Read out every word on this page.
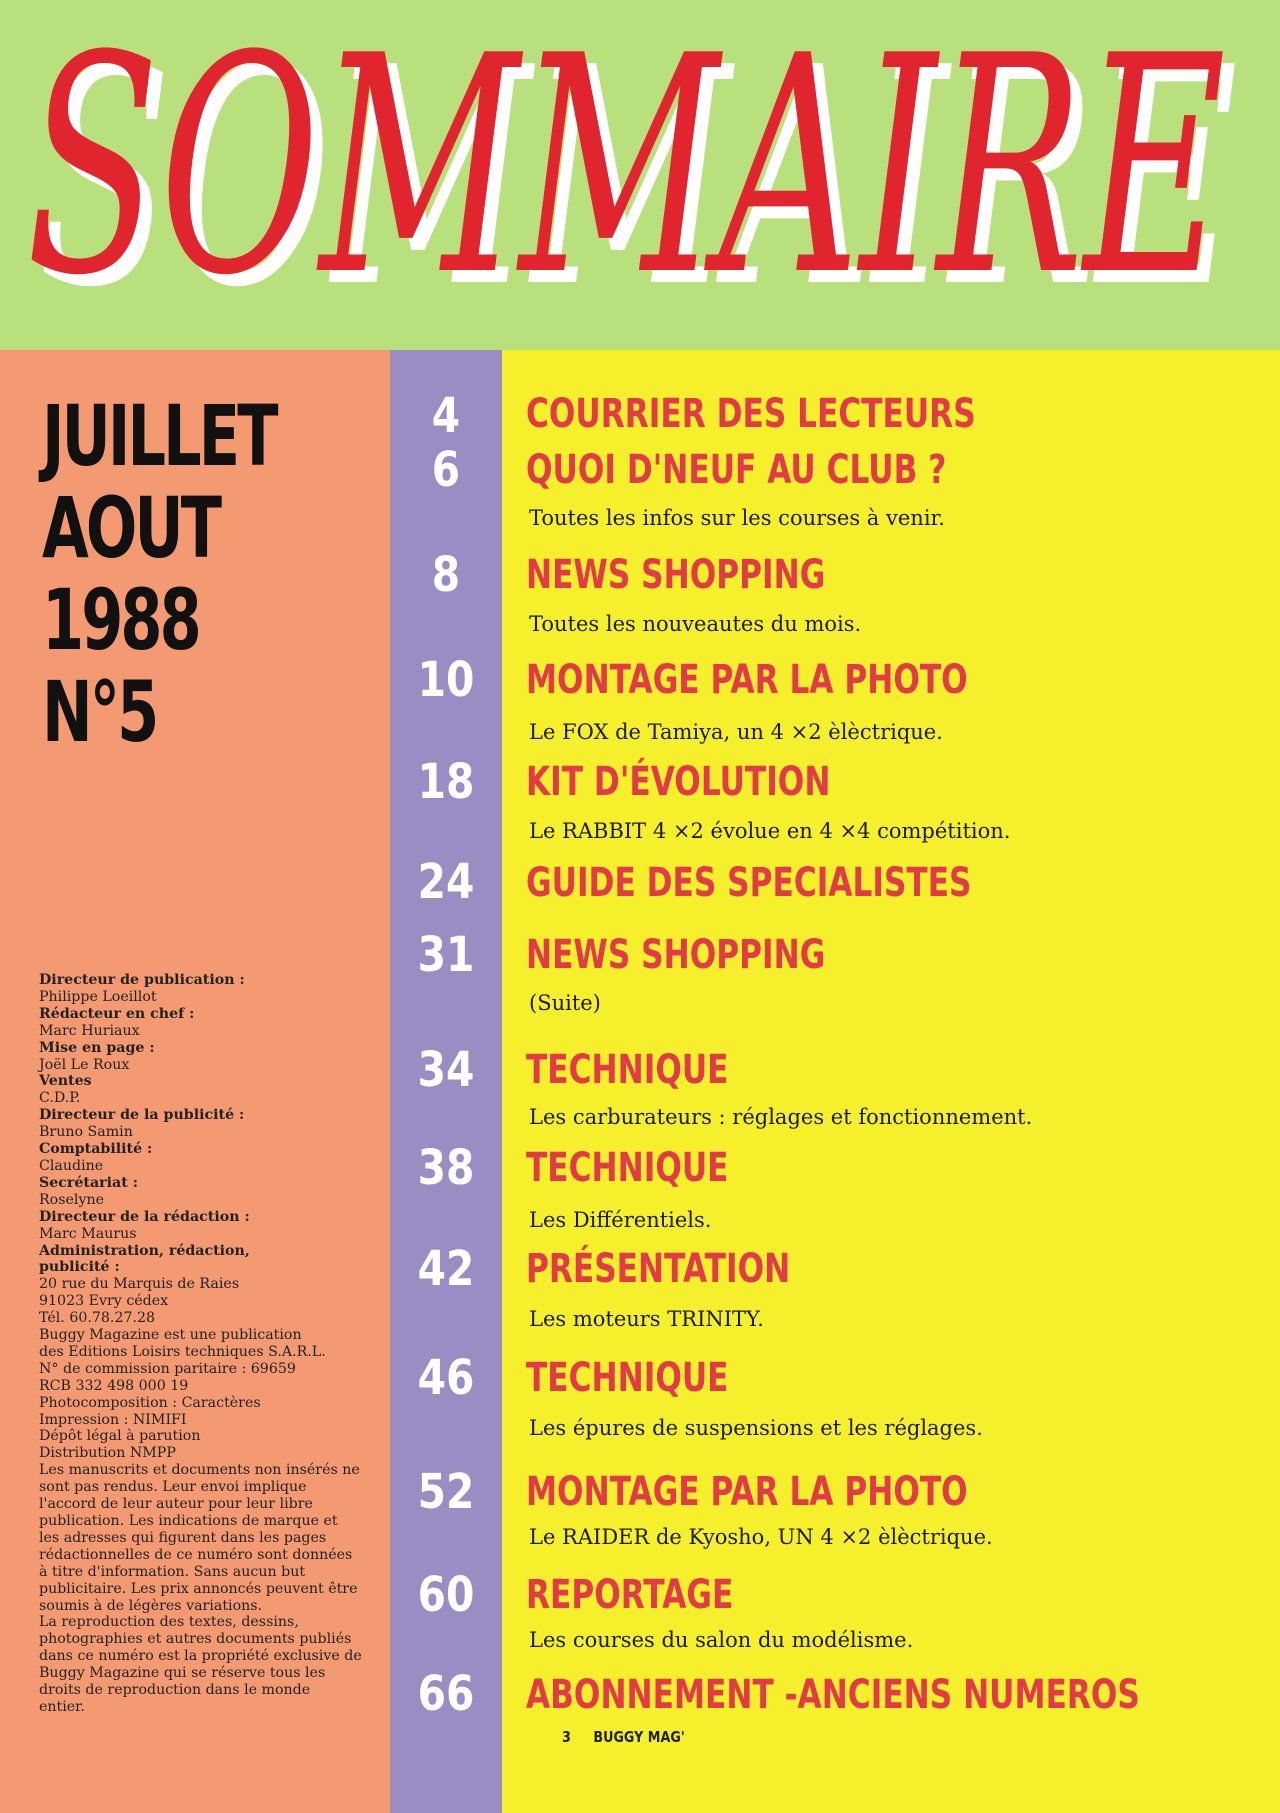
SOMMAIRE
SOMMAIRE
JUILLET
AOUT
1988
N°5
Directeur de publication :
Philippe Loeillot
Rédacteur en chef :
Marc Huriaux
Mise en page :
Joël Le Roux
Ventes
C.D.P.
Directeur de la publicité :
Bruno Samin
Comptabilité :
Claudine
Secrétariat :
Roselyne
Directeur de la rédaction :
Marc Maurus
Administration, rédaction,
publicité :
20 rue du Marquis de Raies
91023 Evry cédex
Tél. 60.78.27.28
Buggy Magazine est une publication
des Editions Loisirs techniques S.A.R.L.
N° de commission paritaire : 69659
RCB 332 498 000 19
Photocomposition : Caractères
Impression : NIMIFI
Dépôt légal à parution
Distribution NMPP
Les manuscrits et documents non insérés ne
sont pas rendus. Leur envoi implique
l'accord de leur auteur pour leur libre
publication. Les indications de marque et
les adresses qui figurent dans les pages
rédactionnelles de ce numéro sont données
à titre d'information. Sans aucun but
publicitaire. Les prix annoncés peuvent être
soumis à de légères variations.
La reproduction des textes, dessins,
photographies et autres documents publiés
dans ce numéro est la propriété exclusive de
Buggy Magazine qui se réserve tous les
droits de reproduction dans le monde
entier.
4	COURRIER DES LECTEURS
6	QUOI D'NEUF AU CLUB ?
Toutes les infos sur les courses à venir.
8	NEWS SHOPPING
Toutes les nouveautes du mois.
10	MONTAGE PAR LA PHOTO
Le FOX de Tamiya, un 4 ×2 èlèctrique.
18	KIT D'ÉVOLUTION
Le RABBIT 4 ×2 évolue en 4 ×4 compétition.
24	GUIDE DES SPECIALISTES
31	NEWS SHOPPING
(Suite)
34	TECHNIQUE
Les carburateurs : réglages et fonctionnement.
38	TECHNIQUE
Les Différentiels.
42	PRÉSENTATION
Les moteurs TRINITY.
46	TECHNIQUE
Les épures de suspensions et les réglages.
52	MONTAGE PAR LA PHOTO
Le RAIDER de Kyosho, UN 4 ×2 èlèctrique.
60	REPORTAGE
Les courses du salon du modélisme.
66	ABONNEMENT -ANCIENS NUMEROS
3 BUGGY MAG'
